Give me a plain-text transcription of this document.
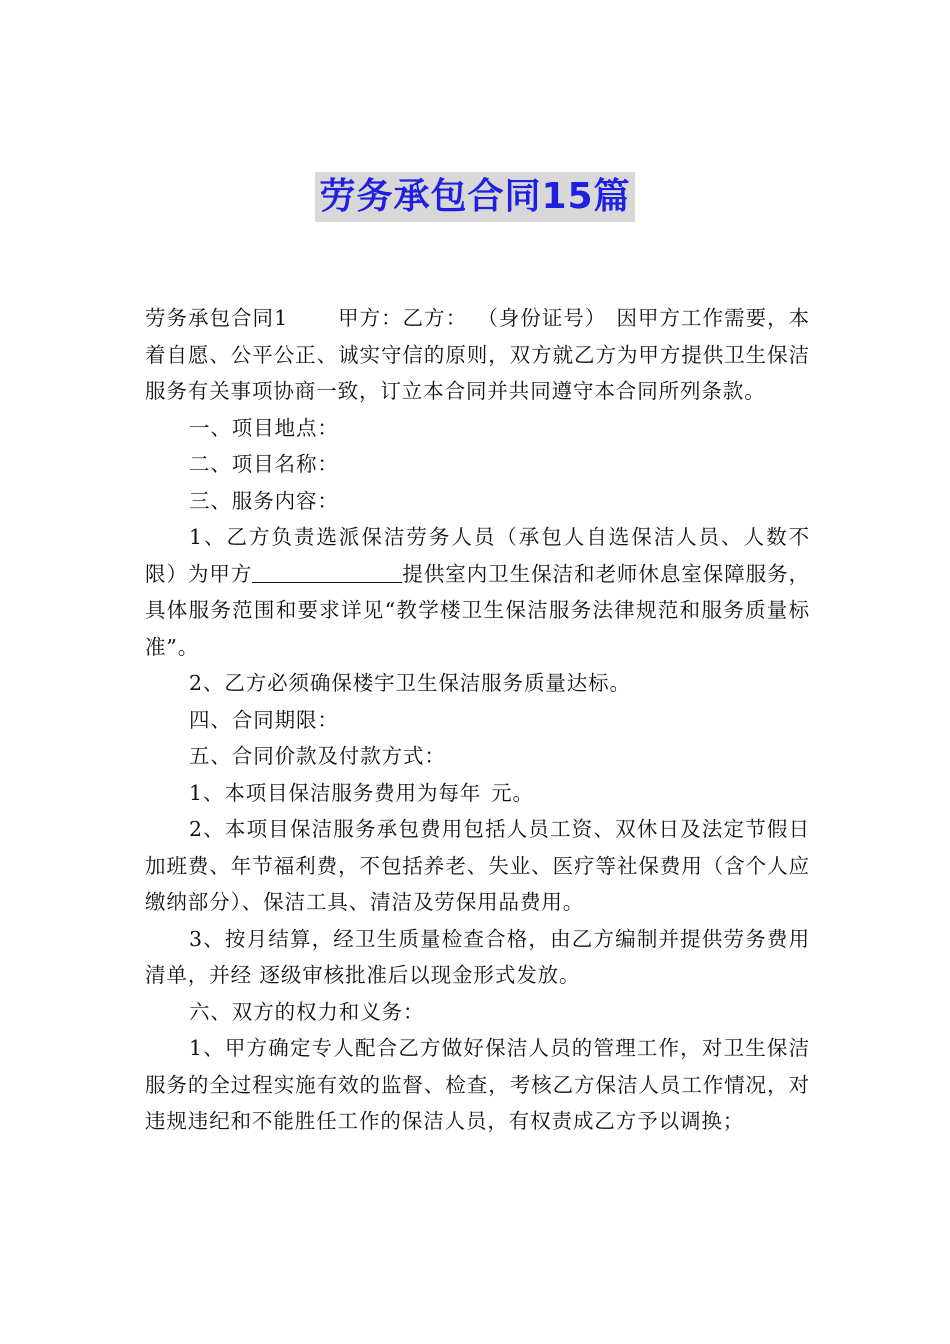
劳务承包合同15篇

劳务承包合同1 甲方：乙方： （身份证号） 因甲方工作需要，本着自愿、公平公正、诚实守信的原则，双方就乙方为甲方提供卫生保洁服务有关事项协商一致，订立本合同并共同遵守本合同所列条款。

一、项目地点：

二、项目名称：

三、服务内容：

1、乙方负责选派保洁劳务人员（承包人自选保洁人员、人数不限）为甲方	提供室内卫生保洁和老师休息室保障服务，具体服务范围和要求详见“教学楼卫生保洁服务法律规范和服务质量标准”。

2、乙方必须确保楼宇卫生保洁服务质量达标。

四、合同期限：

五、合同价款及付款方式：

1、本项目保洁服务费用为每年 元。

2、本项目保洁服务承包费用包括人员工资、双休日及法定节假日加班费、年节福利费，不包括养老、失业、医疗等社保费用（含个人应缴纳部分）、保洁工具、清洁及劳保用品费用。

3、按月结算，经卫生质量检查合格，由乙方编制并提供劳务费用清单，并经 逐级审核批准后以现金形式发放。

六、双方的权力和义务：

1、甲方确定专人配合乙方做好保洁人员的管理工作，对卫生保洁服务的全过程实施有效的监督、检查，考核乙方保洁人员工作情况，对违规违纪和不能胜任工作的保洁人员，有权责成乙方予以调换；
